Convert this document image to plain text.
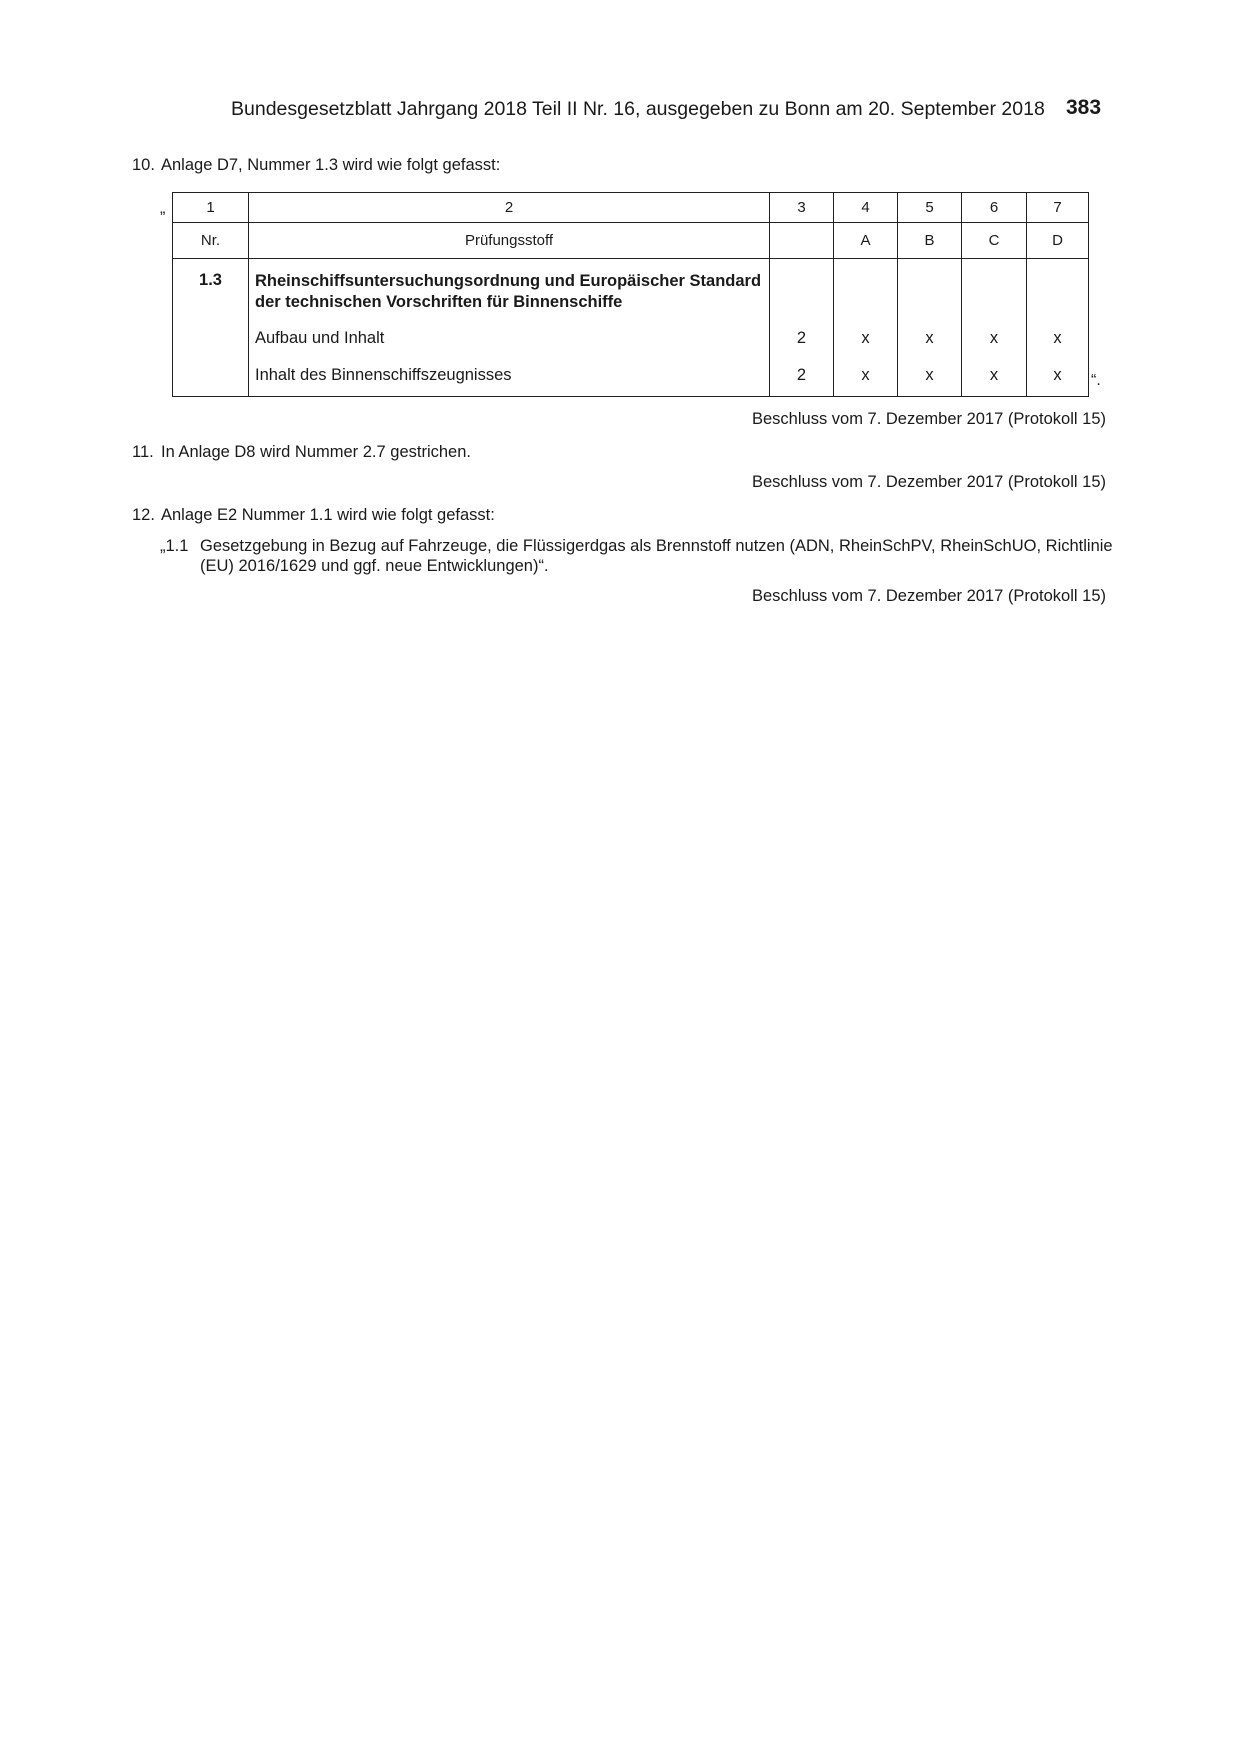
Bundesgesetzblatt Jahrgang 2018 Teil II Nr. 16, ausgegeben zu Bonn am 20. September 2018 383
10. Anlage D7, Nummer 1.3 wird wie folgt gefasst:
„	1	2	3	4	5	6	7
Nr.	Prüfungsstoff		A	B	C	D
1.3	Rheinschiffsuntersuchungsordnung und Europäischer Standard
der technischen Vorschriften für Binnenschiffe					

	Aufbau und Inhalt	2	x	x	x	x
	Inhalt des Binnenschiffszeugnisses	2	x	x	x	x “.
Beschluss vom 7. Dezember 2017 (Protokoll 15)
11. In Anlage D8 wird Nummer 2.7 gestrichen.
Beschluss vom 7. Dezember 2017 (Protokoll 15)
12. Anlage E2 Nummer 1.1 wird wie folgt gefasst:
„1.1 Gesetzgebung in Bezug auf Fahrzeuge, die Flüssigerdgas als Brennstoff nutzen (ADN, RheinSchPV, RheinSchUO, Richtlinie
(EU) 2016/1629 und ggf. neue Entwicklungen)“.
Beschluss vom 7. Dezember 2017 (Protokoll 15)
